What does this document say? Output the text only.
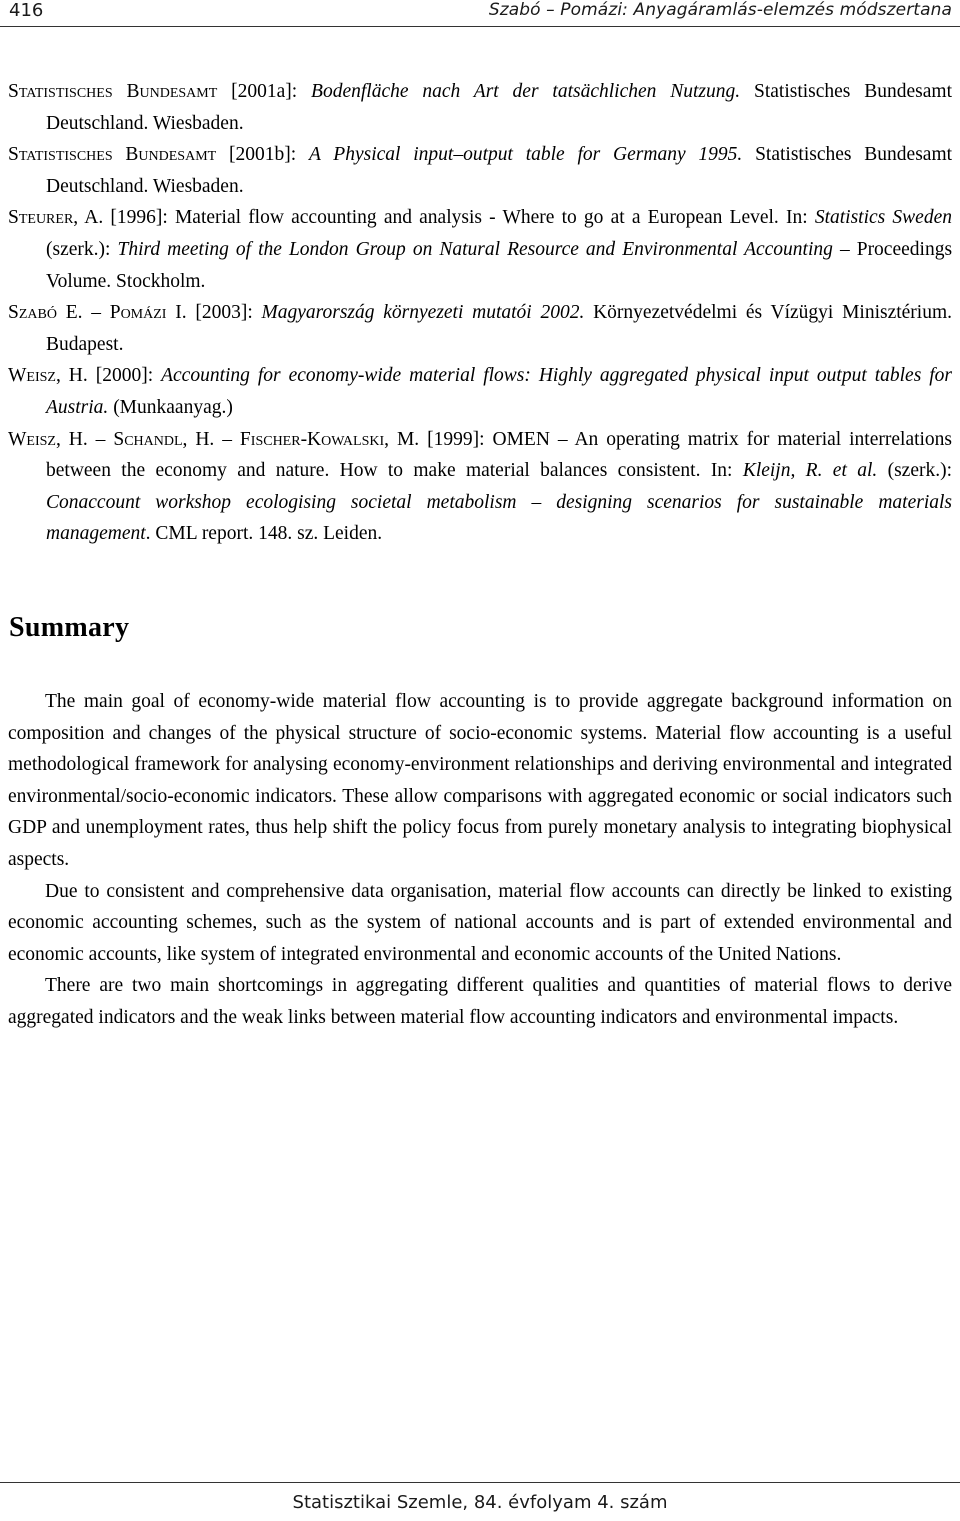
416	Szabó – Pomázi: Anyagáramlás-elemzés módszertana

Statistisches Bundesamt [2001a]: Bodenfläche nach Art der tatsächlichen Nutzung. Statistisches Bundesamt Deutschland. Wiesbaden.

Statistisches Bundesamt [2001b]: A Physical input–output table for Germany 1995. Statistisches Bundesamt Deutschland. Wiesbaden.

Steurer, A. [1996]: Material flow accounting and analysis - Where to go at a European Level. In: Statistics Sweden (szerk.): Third meeting of the London Group on Natural Resource and Environmental Accounting – Proceedings Volume. Stockholm.

Szabó E. – Pomázi I. [2003]: Magyarország környezeti mutatói 2002. Környezetvédelmi és Vízügyi Minisztérium. Budapest.

Weisz, H. [2000]: Accounting for economy-wide material flows: Highly aggregated physical input output tables for Austria. (Munkaanyag.)

Weisz, H. – Schandl, H. – Fischer-Kowalski, M. [1999]: OMEN – An operating matrix for material interrelations between the economy and nature. How to make material balances consistent. In: Kleijn, R. et al. (szerk.): Conaccount workshop ecologising societal metabolism – designing scenarios for sustainable materials management. CML report. 148. sz. Leiden.

Summary

The main goal of economy-wide material flow accounting is to provide aggregate background information on composition and changes of the physical structure of socio-economic systems. Material flow accounting is a useful methodological framework for analysing economy-environment relationships and deriving environmental and integrated environmental/socio-economic indicators. These allow comparisons with aggregated economic or social indicators such GDP and unemployment rates, thus help shift the policy focus from purely monetary analysis to integrating biophysical aspects.

Due to consistent and comprehensive data organisation, material flow accounts can directly be linked to existing economic accounting schemes, such as the system of national accounts and is part of extended environmental and economic accounts, like system of integrated environmental and economic accounts of the United Nations.

There are two main shortcomings in aggregating different qualities and quantities of material flows to derive aggregated indicators and the weak links between material flow accounting indicators and environmental impacts.

Statisztikai Szemle, 84. évfolyam 4. szám
